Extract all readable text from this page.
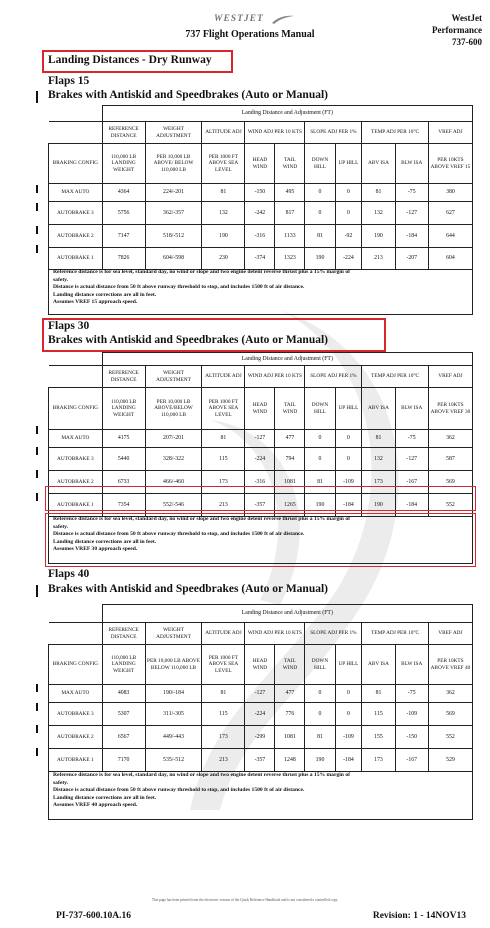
WESTJET
737 Flight Operations Manual
WestJet
Performance
737-600
Landing Distances - Dry Runway
Flaps 15
Brakes with Antiskid and Speedbrakes (Auto or Manual)
	Landing Distance and Adjustment (FT)									
	REFERENCE DISTANCE	WEIGHT ADJUSTMENT	ALTITUDE ADJ	WIND ADJ PER 10 KTS		SLOPE ADJ PER 1%		TEMP ADJ PER 10°C		VREF ADJ
BRAKING CONFIG	110,000 LB LANDING WEIGHT	PER 10,000 LB ABOVE/ BELOW 110,000 LB	PER 1000 FT ABOVE SEA LEVEL	HEAD WIND	TAIL WIND	DOWN HILL	UP HILL	ABV ISA	BLW ISA	PER 10KTS ABOVE VREF 15
MAX AUTO	4364	224/-201	81	-150	495	0	0	81	-75	380
AUTOBRAKE 3	5756	362/-357	132	-242	817	0	0	132	-127	627
AUTOBRAKE 2	7147	518/-512	190	-316	1133	81	-92	190	-184	644
AUTOBRAKE 1	7826	604/-598	230	-374	1323	190	-224	213	-207	604
Reference distance is for sea level, standard day, no wind or slope and two engine detent reverse thrust plus a 15% margin of
safety.
Distance is actual distance from 50 ft above runway threshold to stop, and includes 1500 ft of air distance.
Landing distance corrections are all in feet.
Assumes VREF 15 approach speed.
Flaps 30
Brakes with Antiskid and Speedbrakes (Auto or Manual)
	Landing Distance and Adjustment (FT)									
	REFERENCE DISTANCE	WEIGHT ADJUSTMENT	ALTITUDE ADJ	WIND ADJ PER 10 KTS		SLOPE ADJ PER 1%		TEMP ADJ PER 10°C		VREF ADJ
BRAKING CONFIG	110,000 LB LANDING WEIGHT	PER 10,000 LB ABOVE/BELOW 110,000 LB	PER 1000 FT ABOVE SEA LEVEL	HEAD WIND	TAIL WIND	DOWN HILL	UP HILL	ABV ISA	BLW ISA	PER 10KTS ABOVE VREF 30
MAX AUTO	4175	207/-201	81	-127	477	0	0	81	-75	362
AUTOBRAKE 3	5440	328/-322	115	-224	794	0	0	132	-127	587
AUTOBRAKE 2	6733	466/-460	173	-316	1081	81	-109	173	-167	569
AUTOBRAKE 1	7354	552/-546	213	-357	1265	190	-184	190	-184	552
Reference distance is for sea level, standard day, no wind or slope and two engine detent reverse thrust plus a 15% margin of
safety.
Distance is actual distance from 50 ft above runway threshold to stop, and includes 1500 ft of air distance.
Landing distance corrections are all in feet.
Assumes VREF 30 approach speed.
Flaps 40
Brakes with Antiskid and Speedbrakes (Auto or Manual)
	Landing Distance and Adjustment (FT)									
	REFERENCE DISTANCE	WEIGHT ADJUSTMENT	ALTITUDE ADJ	WIND ADJ PER 10 KTS		SLOPE ADJ PER 1%		TEMP ADJ PER 10°C		VREF ADJ
BRAKING CONFIG	110,000 LB LANDING WEIGHT	PER 10,000 LB ABOVE BELOW 110,000 LB	PER 1000 FT ABOVE SEA LEVEL	HEAD WIND	TAIL WIND	DOWN HILL	UP HILL	ABV ISA	BLW ISA	PER 10KTS ABOVE VREF 40
MAX AUTO	4083	190/-184	81	-127	477	0	0	81	-75	362
AUTOBRAKE 3	5307	311/-305	115	-224	776	0	0	115	-109	569
AUTOBRAKE 2	6567	449/-443	173	-299	1081	81	-109	155	-150	552
AUTOBRAKE 1	7170	535/-512	213	-357	1248	190	-184	173	-167	529
Reference distance is for sea level, standard day, no wind or slope and two engine detent reverse thrust plus a 15% margin of
safety.
Distance is actual distance from 50 ft above runway threshold to stop, and includes 1500 ft of air distance.
Landing distance corrections are all in feet.
Assumes VREF 40 approach speed.
This page has been printed from the electronic version of the Quick Reference Handbook and is not considered a controlled copy.
PI-737-600.10A.16	Revision: 1 - 14NOV13
